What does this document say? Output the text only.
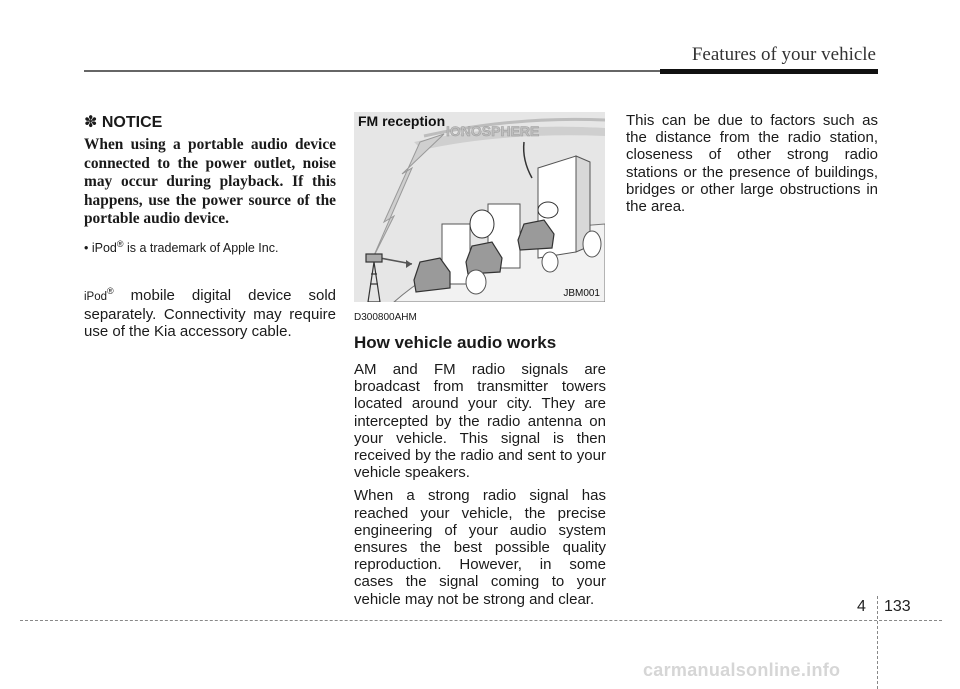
Features of your vehicle

✽ NOTICE

When using a portable audio device connected to the power outlet, noise may occur during playback. If this happens, use the power source of the portable audio device.

• iPod® is a trademark of Apple Inc.

iPod® mobile digital device sold separately. Connectivity may require use of the Kia accessory cable.

IONOSPHERE
FM reception
JBM001

D300800AHM

How vehicle audio works

AM and FM radio signals are broadcast from transmitter towers located around your city. They are intercepted by the radio antenna on your vehicle. This signal is then received by the radio and sent to your vehicle speakers.

When a strong radio signal has reached your vehicle, the precise engineering of your audio system ensures the best possible quality reproduction. However, in some cases the signal coming to your vehicle may not be strong and clear.

This can be due to factors such as the distance from the radio station, closeness of other strong radio stations or the presence of buildings, bridges or other large obstructions in the area.

4 133
carmanualsonline.info
